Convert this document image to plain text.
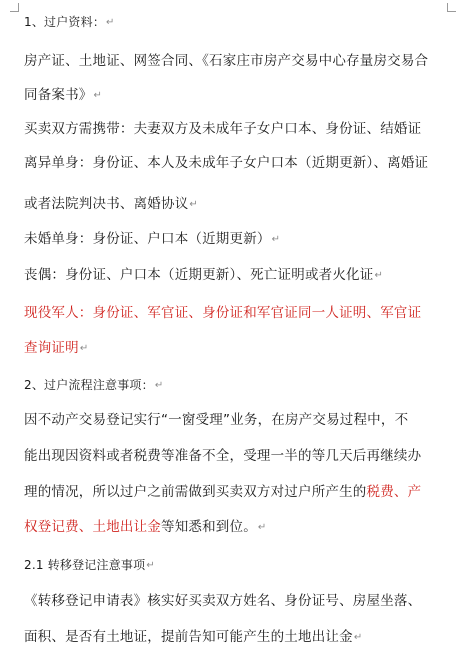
1、过户资料：↵
房产证、土地证、网签合同、《石家庄市房产交易中心存量房交易合
同备案书》↵
买卖双方需携带：夫妻双方及未成年子女户口本、身份证、结婚证
离异单身：身份证、本人及未成年子女户口本（近期更新）、离婚证
或者法院判决书、离婚协议↵
未婚单身：身份证、户口本（近期更新）↵
丧偶：身份证、户口本（近期更新）、死亡证明或者火化证↵
现役军人：身份证、军官证、身份证和军官证同一人证明、军官证
查询证明↵
2、过户流程注意事项：↵
因不动产交易登记实行“一窗受理”业务，在房产交易过程中，不
能出现因资料或者税费等准备不全，受理一半的等几天后再继续办
理的情况，所以过户之前需做到买卖双方对过户所产生的税费、产
权登记费、土地出让金等知悉和到位。↵
2.1 转移登记注意事项↵
《转移登记申请表》核实好买卖双方姓名、身份证号、房屋坐落、
面积、是否有土地证，提前告知可能产生的土地出让金↵
